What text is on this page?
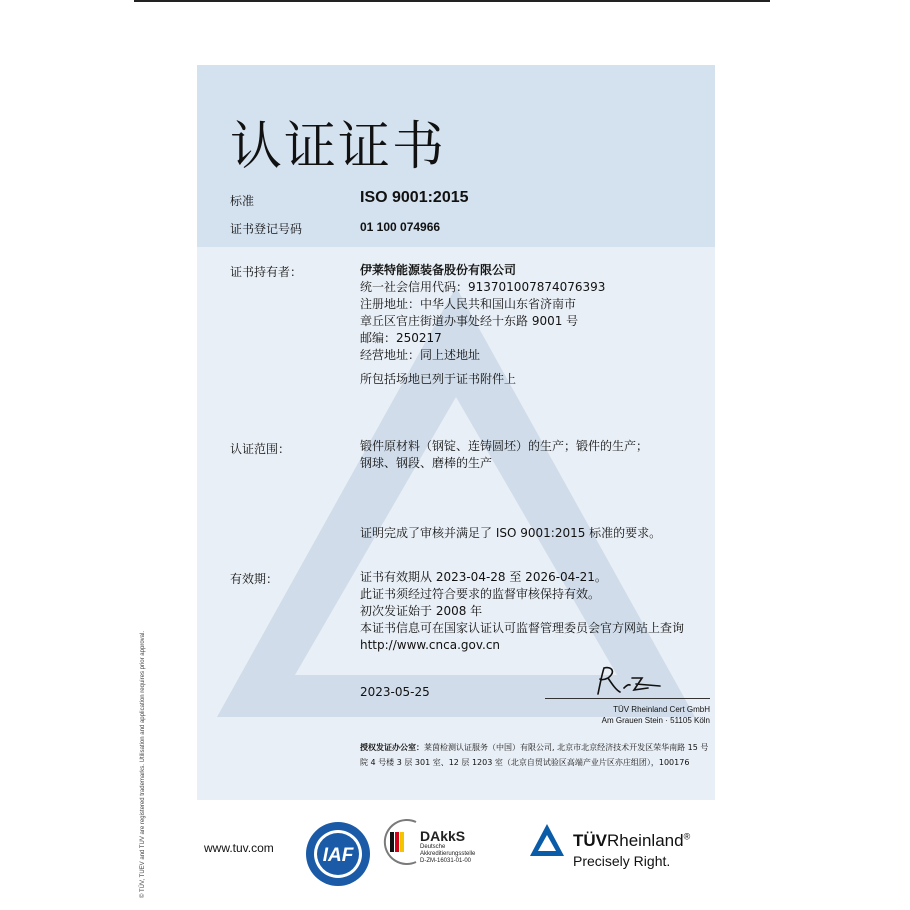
© TÜV, TUEV and TUV are registered trademarks. Utilisation and application requires prior approval.
认证证书
标准	ISO 9001:2015
证书登记号码	01 100 074966
证书持有者：	伊莱特能源装备股份有限公司
统一社会信用代码：913701007874076393
注册地址：中华人民共和国山东省济南市
章丘区官庄街道办事处经十东路 9001 号
邮编：250217
经营地址：同上述地址
所包括场地已列于证书附件上
认证范围：	锻件原材料（钢锭、连铸圆坯）的生产；锻件的生产；
钢球、钢段、磨棒的生产
证明完成了审核并满足了 ISO 9001:2015 标准的要求。
有效期：	证书有效期从 2023-04-28 至 2026-04-21。
此证书须经过符合要求的监督审核保持有效。
初次发证始于 2008 年
本证书信息可在国家认证认可监督管理委员会官方网站上查询
http://www.cnca.gov.cn
2023-05-25
TÜV Rheinland Cert GmbH
Am Grauen Stein · 51105 Köln
授权发证办公室：莱茵检测认证服务（中国）有限公司, 北京市北京经济技术开发区荣华南路 15 号院 4 号楼 3 层 301 室、12 层 1203 室（北京自贸试验区高端产业片区亦庄组团），100176
www.tuv.com	IAF
DAkkS
Deutsche
Akkreditierungsstelle
D-ZM-16031-01-00
TÜVRheinland®
Precisely Right.
